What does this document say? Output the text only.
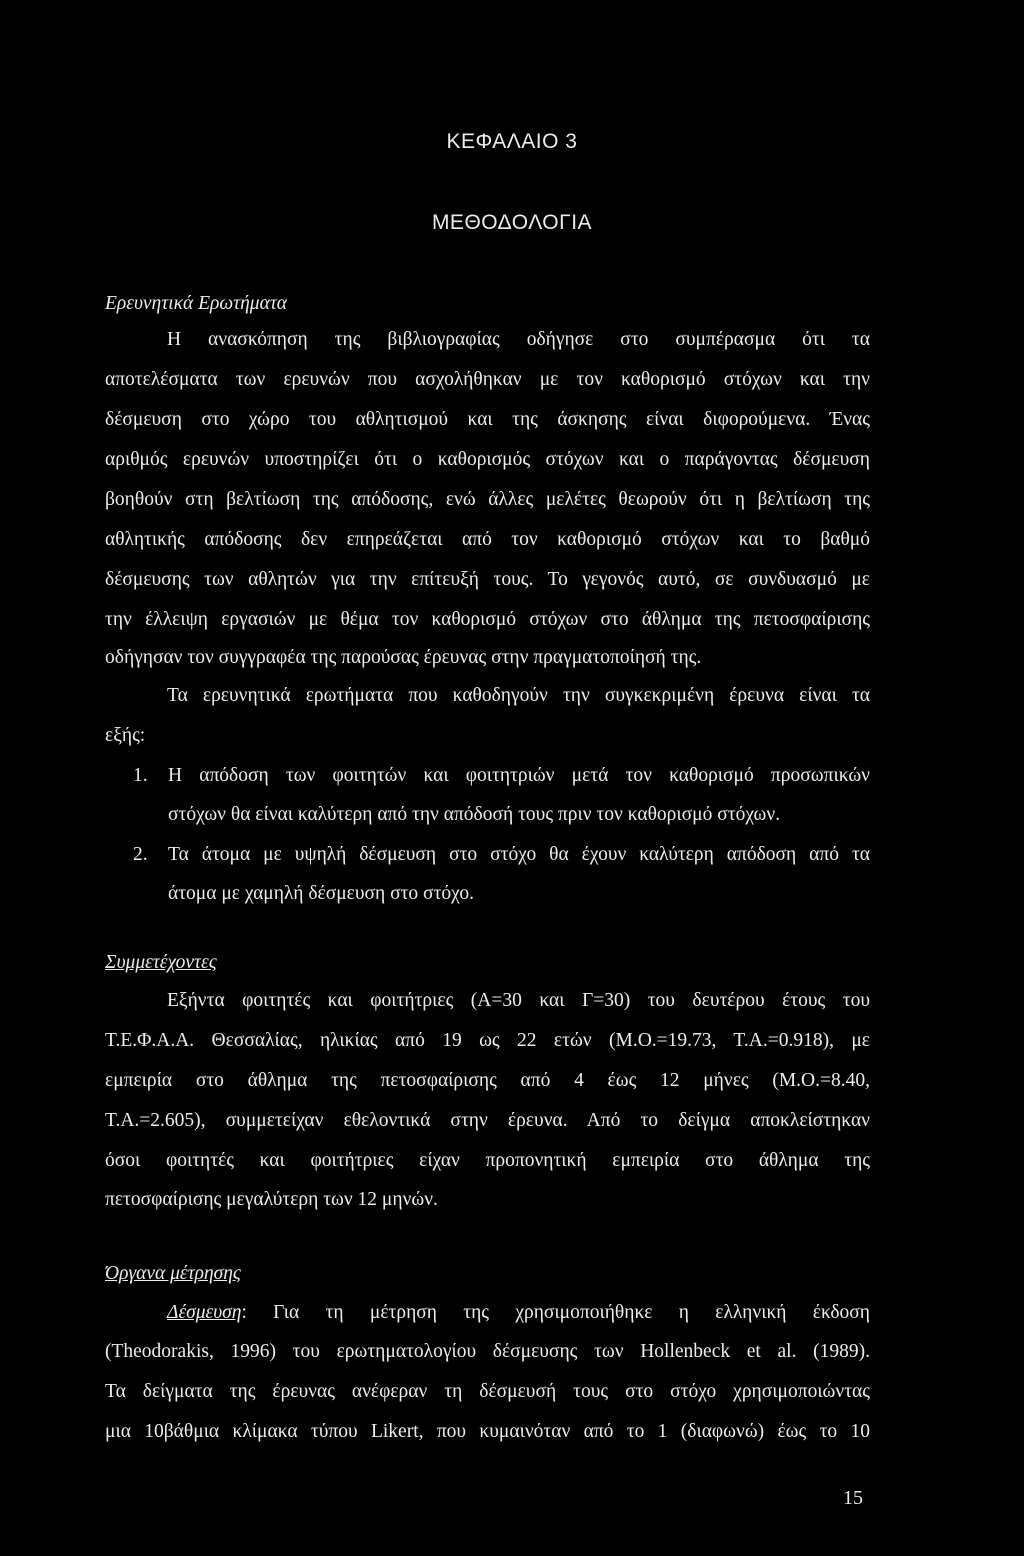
ΚΕΦΑΛΑΙΟ 3
ΜΕΘΟΔΟΛΟΓΙΑ
Ερευνητικά Ερωτήματα
Η ανασκόπηση της βιβλιογραφίας οδήγησε στο συμπέρασμα ότι τα
αποτελέσματα των ερευνών που ασχολήθηκαν με τον καθορισμό στόχων και την
δέσμευση στο χώρο του αθλητισμού και της άσκησης είναι διφορούμενα. Ένας
αριθμός ερευνών υποστηρίζει ότι ο καθορισμός στόχων και ο παράγοντας δέσμευση
βοηθούν στη βελτίωση της απόδοσης, ενώ άλλες μελέτες θεωρούν ότι η βελτίωση της
αθλητικής απόδοσης δεν επηρεάζεται από τον καθορισμό στόχων και το βαθμό
δέσμευσης των αθλητών για την επίτευξή τους. Το γεγονός αυτό, σε συνδυασμό με
την έλλειψη εργασιών με θέμα τον καθορισμό στόχων στο άθλημα της πετοσφαίρισης
οδήγησαν τον συγγραφέα της παρούσας έρευνας στην πραγματοποίησή της.
Τα ερευνητικά ερωτήματα που καθοδηγούν την συγκεκριμένη έρευνα είναι τα
εξής:
1. Η απόδοση των φοιτητών και φοιτητριών μετά τον καθορισμό προσωπικών
στόχων θα είναι καλύτερη από την απόδοσή τους πριν τον καθορισμό στόχων.
2. Τα άτομα με υψηλή δέσμευση στο στόχο θα έχουν καλύτερη απόδοση από τα
άτομα με χαμηλή δέσμευση στο στόχο.
Συμμετέχοντες
Εξήντα φοιτητές και φοιτήτριες (Α=30 και Γ=30) του δευτέρου έτους του
Τ.Ε.Φ.Α.Α. Θεσσαλίας, ηλικίας από 19 ως 22 ετών (Μ.Ο.=19.73, Τ.Α.=0.918), με
εμπειρία στο άθλημα της πετοσφαίρισης από 4 έως 12 μήνες (Μ.Ο.=8.40,
Τ.Α.=2.605), συμμετείχαν εθελοντικά στην έρευνα. Από το δείγμα αποκλείστηκαν
όσοι φοιτητές και φοιτήτριες είχαν προπονητική εμπειρία στο άθλημα της
πετοσφαίρισης μεγαλύτερη των 12 μηνών.
Όργανα μέτρησης
Δέσμευση: Για τη μέτρηση της χρησιμοποιήθηκε η ελληνική έκδοση
(Theodorakis, 1996) του ερωτηματολογίου δέσμευσης των Hollenbeck et al. (1989).
Τα δείγματα της έρευνας ανέφεραν τη δέσμευσή τους στο στόχο χρησιμοποιώντας
μια 10βάθμια κλίμακα τύπου Likert, που κυμαινόταν από το 1 (διαφωνώ) έως το 10
15
